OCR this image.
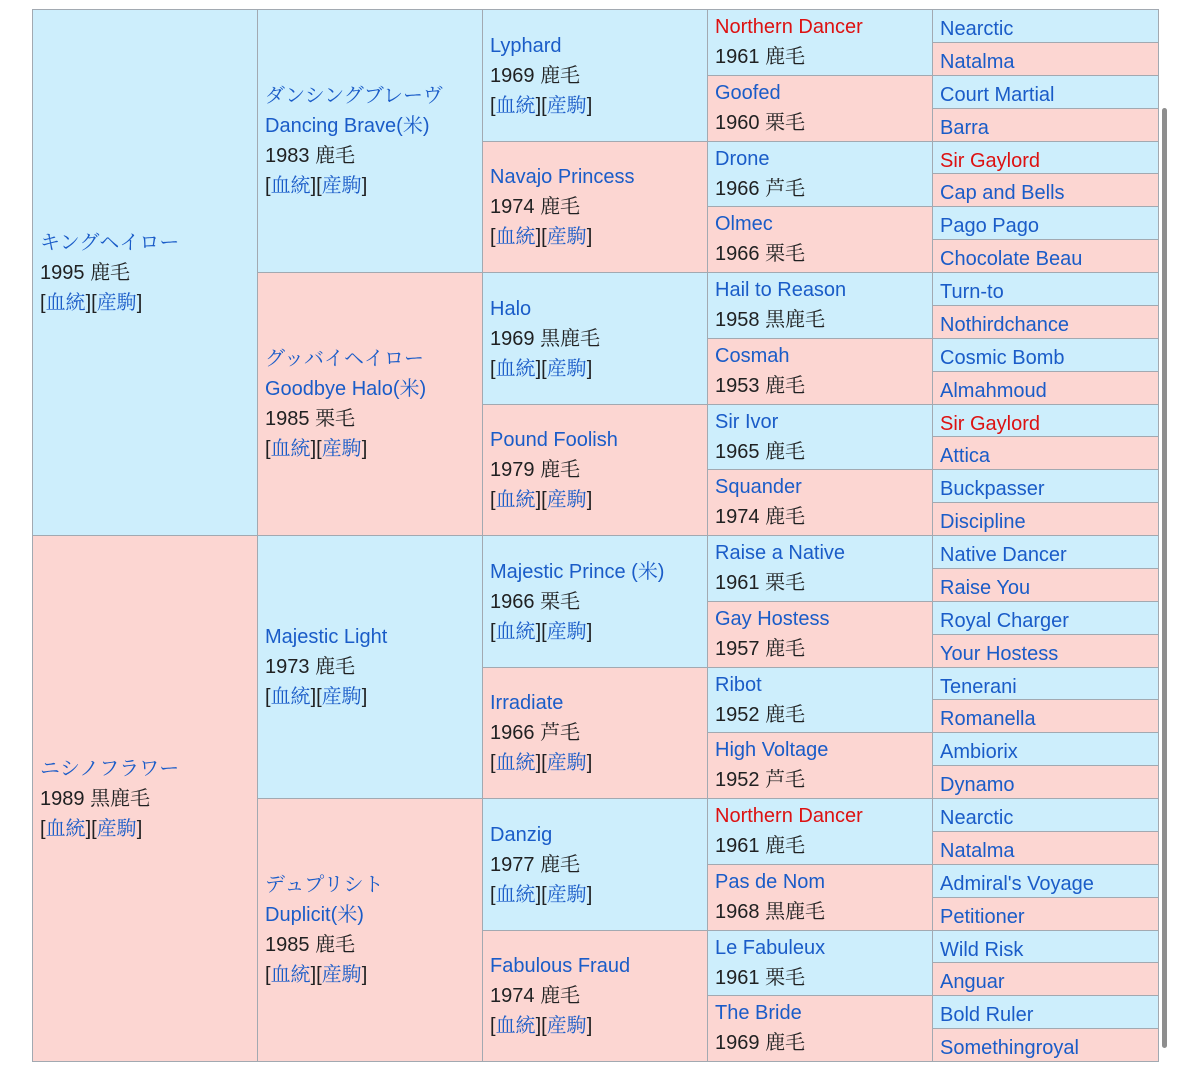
キングヘイロー
1995 鹿毛
[血統][産駒]
ニシノフラワー
1989 黒鹿毛
[血統][産駒]
ダンシングブレーヴ
Dancing Brave(米)
1983 鹿毛
[血統][産駒]
グッバイヘイロー
Goodbye Halo(米)
1985 栗毛
[血統][産駒]
Majestic Light
1973 鹿毛
[血統][産駒]
デュプリシト
Duplicit(米)
1985 鹿毛
[血統][産駒]
Lyphard
1969 鹿毛
[血統][産駒]
Navajo Princess
1974 鹿毛
[血統][産駒]
Halo
1969 黒鹿毛
[血統][産駒]
Pound Foolish
1979 鹿毛
[血統][産駒]
Majestic Prince (米)
1966 栗毛
[血統][産駒]
Irradiate
1966 芦毛
[血統][産駒]
Danzig
1977 鹿毛
[血統][産駒]
Fabulous Fraud
1974 鹿毛
[血統][産駒]
Northern Dancer
1961 鹿毛
Goofed
1960 栗毛
Drone
1966 芦毛
Olmec
1966 栗毛
Hail to Reason
1958 黒鹿毛
Cosmah
1953 鹿毛
Sir Ivor
1965 鹿毛
Squander
1974 鹿毛
Raise a Native
1961 栗毛
Gay Hostess
1957 鹿毛
Ribot
1952 鹿毛
High Voltage
1952 芦毛
Northern Dancer
1961 鹿毛
Pas de Nom
1968 黒鹿毛
Le Fabuleux
1961 栗毛
The Bride
1969 鹿毛
Nearctic
Natalma
Court Martial
Barra
Sir Gaylord
Cap and Bells
Pago Pago
Chocolate Beau
Turn-to
Nothirdchance
Cosmic Bomb
Almahmoud
Sir Gaylord
Attica
Buckpasser
Discipline
Native Dancer
Raise You
Royal Charger
Your Hostess
Tenerani
Romanella
Ambiorix
Dynamo
Nearctic
Natalma
Admiral's Voyage
Petitioner
Wild Risk
Anguar
Bold Ruler
Somethingroyal
